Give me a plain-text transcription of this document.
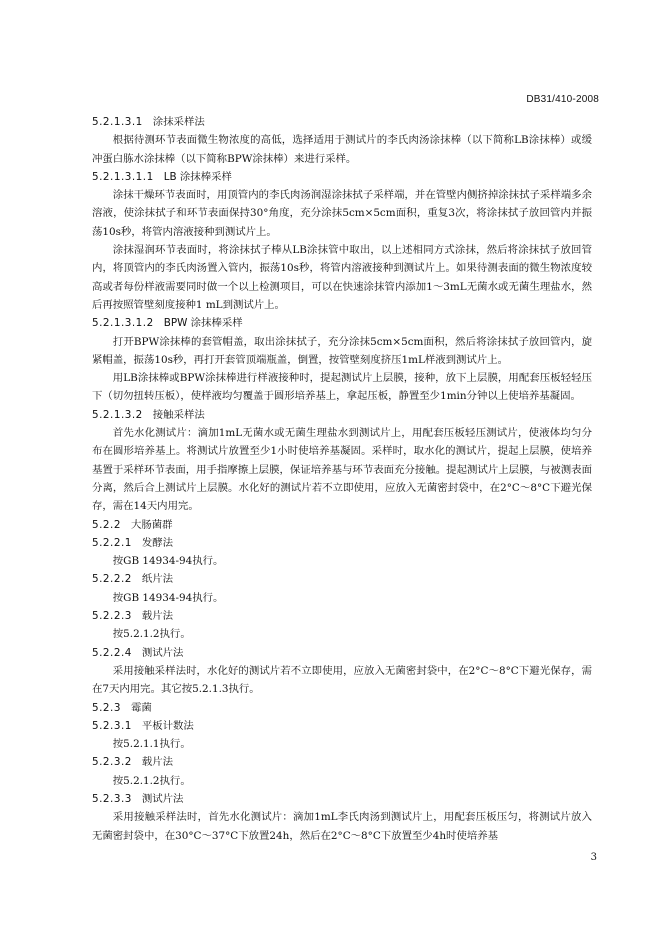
DB31/410-2008

5.2.1.3.1 涂抹采样法

根据待测环节表面微生物浓度的高低，选择适用于测试片的李氏肉汤涂抹棒（以下简称LB涂抹棒）或缓冲蛋白胨水涂抹棒（以下简称BPW涂抹棒）来进行采样。

5.2.1.3.1.1 LB 涂抹棒采样

涂抹干燥环节表面时，用顶管内的李氏肉汤润湿涂抹拭子采样端，并在管壁内侧挤掉涂抹拭子采样端多余溶液，使涂抹拭子和环节表面保持30°角度，充分涂抹5cm×5cm面积，重复3次，将涂抹拭子放回管内并振荡10s秒，将管内溶液接种到测试片上。

涂抹湿润环节表面时，将涂抹拭子棒从LB涂抹管中取出，以上述相同方式涂抹，然后将涂抹拭子放回管内，将顶管内的李氏肉汤置入管内，振荡10s秒，将管内溶液接种到测试片上。如果待测表面的微生物浓度较高或者每份样液需要同时做一个以上检测项目，可以在快速涂抹管内添加1～3mL无菌水或无菌生理盐水，然后再按照管壁刻度接种1 mL到测试片上。

5.2.1.3.1.2 BPW 涂抹棒采样

打开BPW涂抹棒的套管帽盖，取出涂抹拭子，充分涂抹5cm×5cm面积，然后将涂抹拭子放回管内，旋紧帽盖，振荡10s秒，再打开套管顶端瓶盖，倒置，按管壁刻度挤压1mL样液到测试片上。

用LB涂抹棒或BPW涂抹棒进行样液接种时，提起测试片上层膜，接种，放下上层膜，用配套压板轻轻压下（切勿扭转压板），使样液均匀覆盖于圆形培养基上，拿起压板，静置至少1min分钟以上使培养基凝固。

5.2.1.3.2 接触采样法

首先水化测试片：滴加1mL无菌水或无菌生理盐水到测试片上，用配套压板轻压测试片，使液体均匀分布在圆形培养基上。将测试片放置至少1小时使培养基凝固。采样时，取水化的测试片，提起上层膜，使培养基置于采样环节表面，用手指摩擦上层膜，保证培养基与环节表面充分接触。提起测试片上层膜，与被测表面分离，然后合上测试片上层膜。水化好的测试片若不立即使用，应放入无菌密封袋中，在2°C～8°C下避光保存，需在14天内用完。

5.2.2 大肠菌群

5.2.2.1 发酵法

按GB 14934-94执行。

5.2.2.2 纸片法

按GB 14934-94执行。

5.2.2.3 载片法

按5.2.1.2执行。

5.2.2.4 测试片法

采用接触采样法时，水化好的测试片若不立即使用，应放入无菌密封袋中，在2°C～8°C下避光保存，需在7天内用完。其它按5.2.1.3执行。

5.2.3 霉菌

5.2.3.1 平板计数法

按5.2.1.1执行。

5.2.3.2 载片法

按5.2.1.2执行。

5.2.3.3 测试片法

采用接触采样法时，首先水化测试片：滴加1mL李氏肉汤到测试片上，用配套压板压匀，将测试片放入无菌密封袋中，在30°C～37°C下放置24h，然后在2°C～8°C下放置至少4h时使培养基

3
